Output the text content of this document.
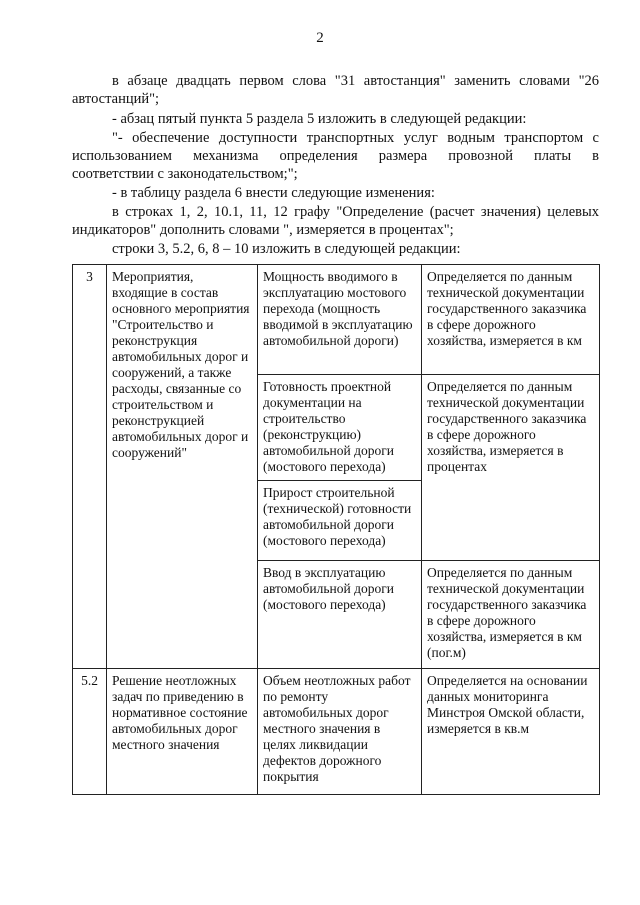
2

в абзаце двадцать первом слова "31 автостанция" заменить словами "26

автостанций";

- абзац пятый пункта 5 раздела 5 изложить в следующей редакции:

"- обеспечение доступности транспортных услуг водным транспортом с

использованием механизма определения размера провозной платы в

соответствии с законодательством;";

- в таблицу раздела 6 внести следующие изменения:

в строках 1, 2, 10.1, 11, 12 графу "Определение (расчет значения) целевых

индикаторов" дополнить словами ", измеряется в процентах";

строки 3, 5.2, 6, 8 – 10 изложить в следующей редакции:

3	Мероприятия, входящие в состав основного мероприятия "Строительство и реконструкция автомобильных дорог и сооружений, а также расходы, связанные со строительством и реконструкцией автомобильных дорог и сооружений"	Мощность вводимого в эксплуатацию мостового перехода (мощность вводимой в эксплуатацию автомобильной дороги)	Определяется по данным технической документации государственного заказчика в сфере дорожного хозяйства, измеряется в км
		Готовность проектной документации на строительство (реконструкцию) автомобильной дороги (мостового перехода)	Определяется по данным технической документации государственного заказчика в сфере дорожного хозяйства, измеряется в процентах
		Прирост строительной (технической) готовности автомобильной дороги (мостового перехода)	
		Ввод в эксплуатацию автомобильной дороги (мостового перехода)	Определяется по данным технической документации государственного заказчика в сфере дорожного хозяйства, измеряется в км (пог.м)
5.2	Решение неотложных задач по приведению в нормативное состояние автомобильных дорог местного значения	Объем неотложных работ по ремонту автомобильных дорог местного значения в целях ликвидации дефектов дорожного покрытия	Определяется на основании данных мониторинга Минстроя Омской области, измеряется в кв.м
